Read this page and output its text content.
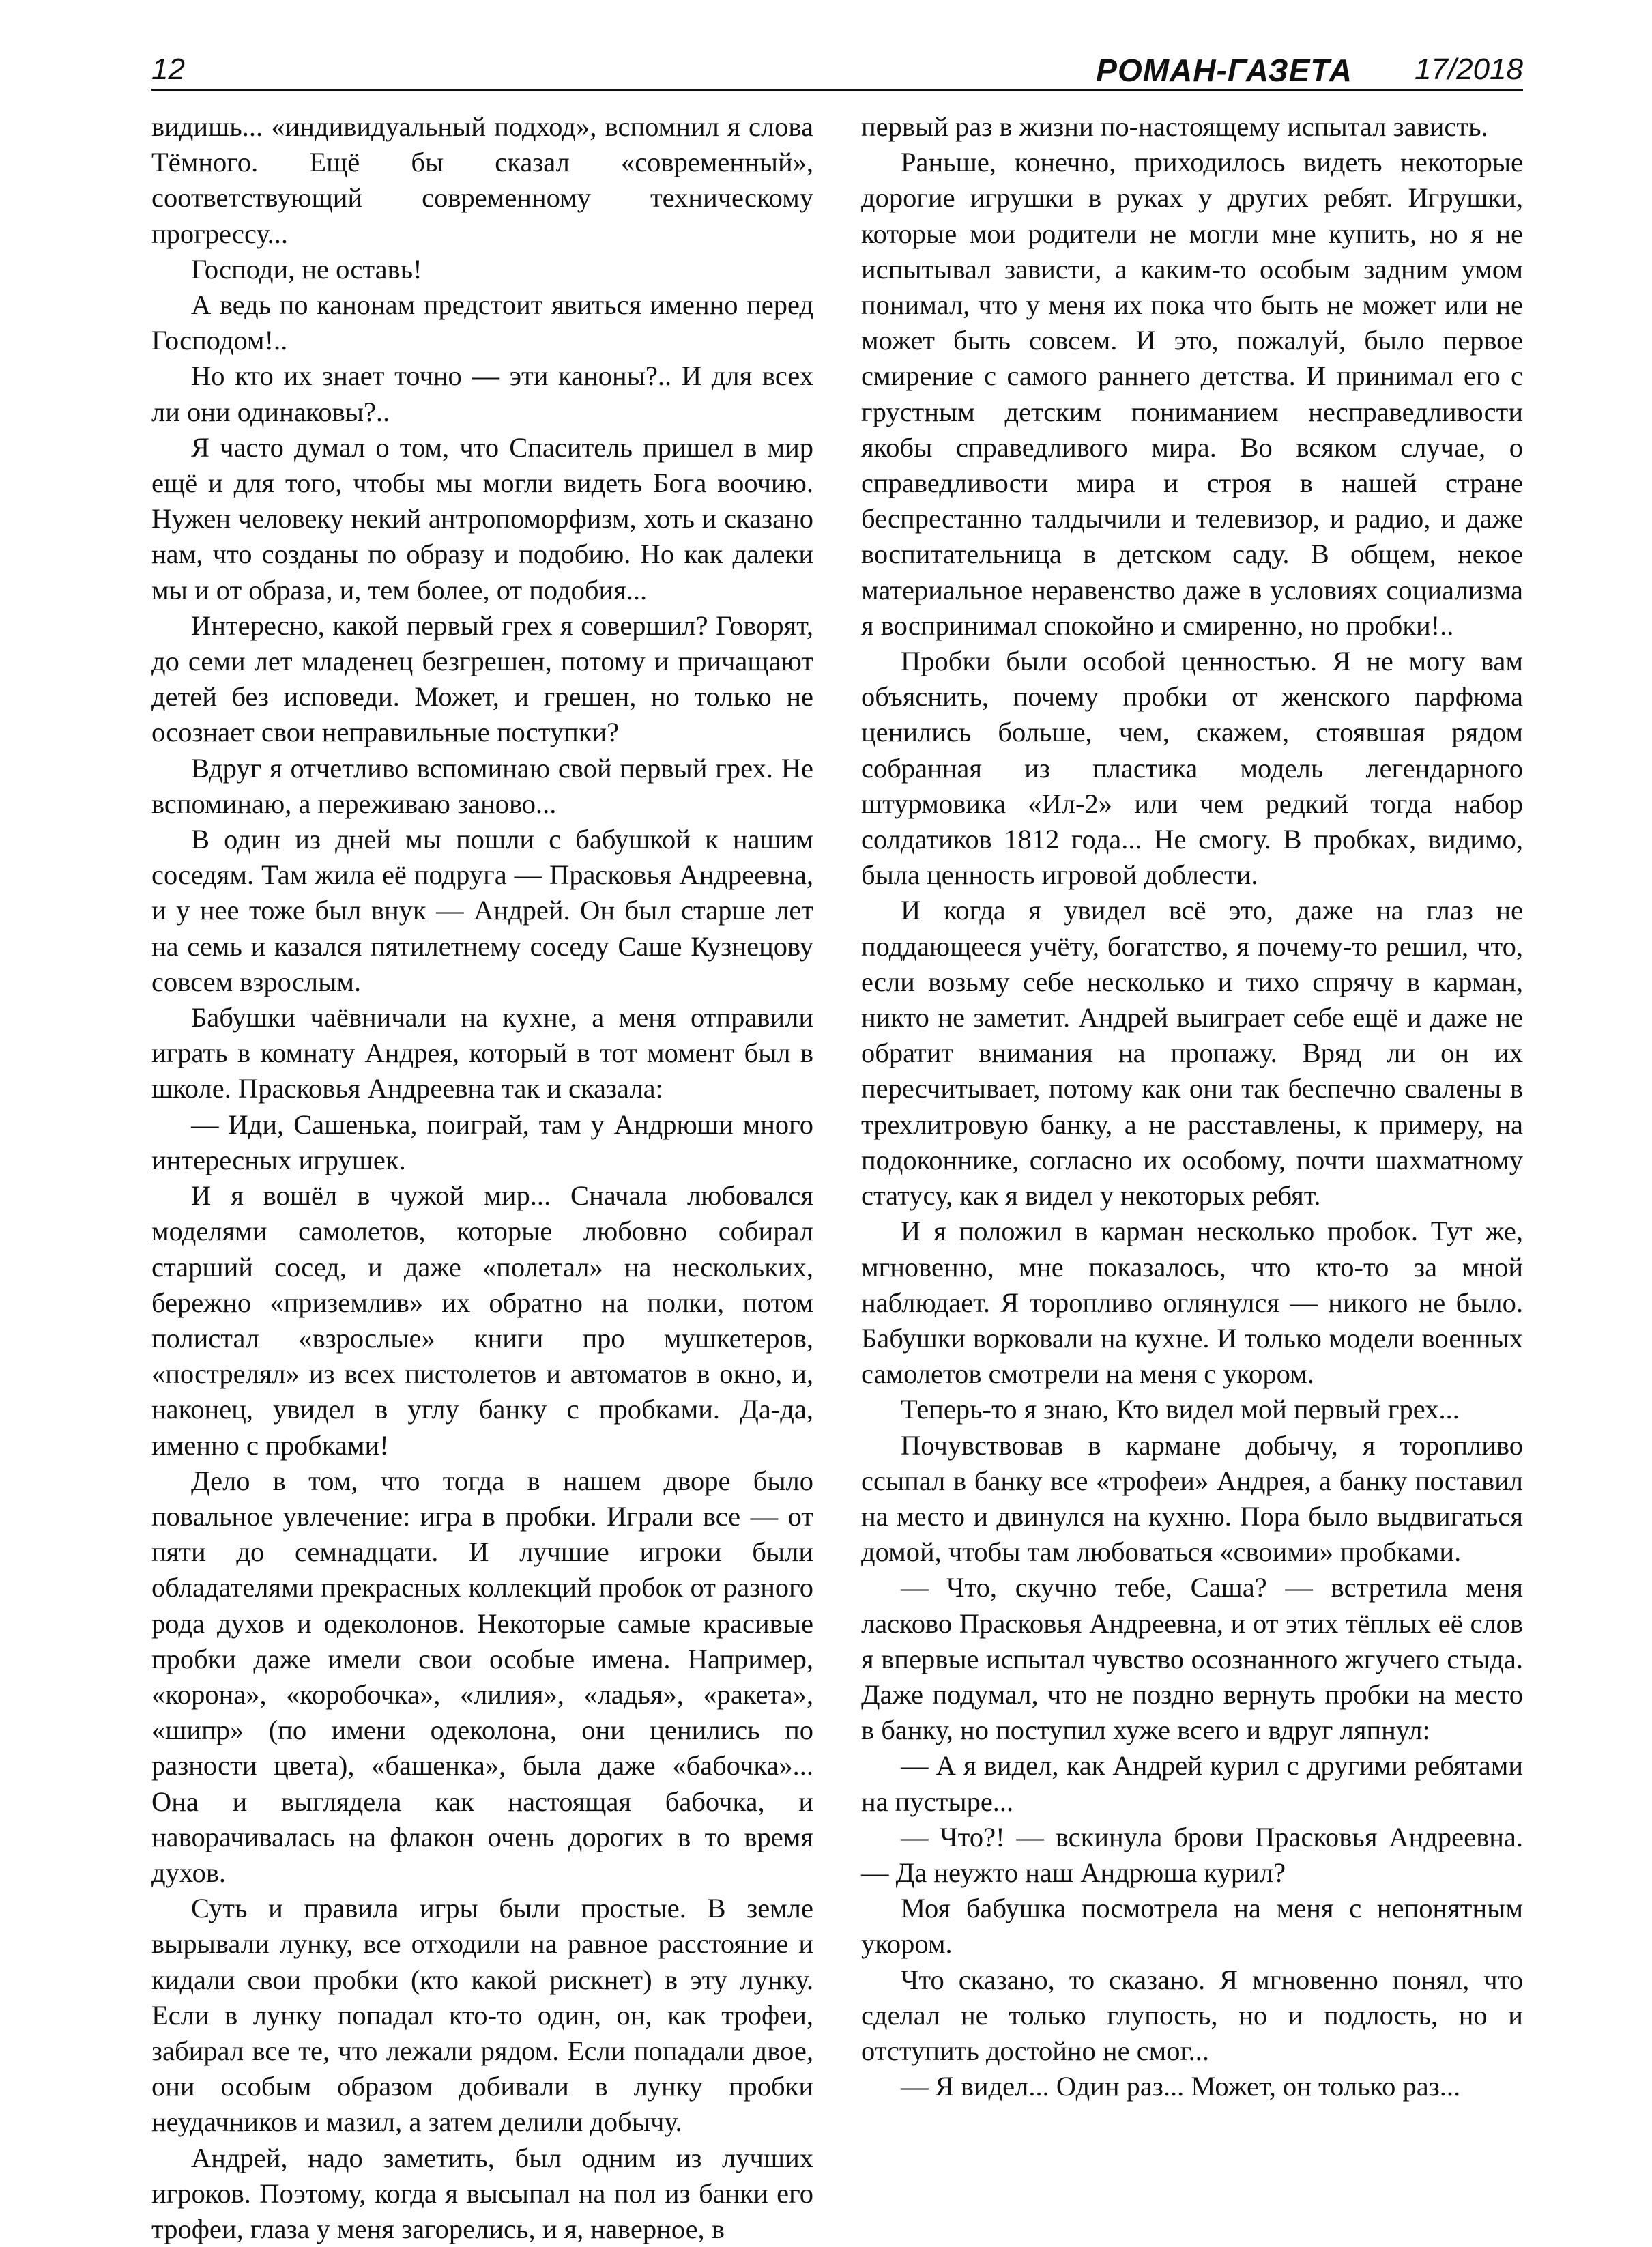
12	РОМАН-ГАЗЕТА 17/2018

видишь... «индивидуальный подход», вспомнил я слова Тёмного. Ещё бы сказал «современный», соответствующий современному техническому прогрессу...

Господи, не оставь!

А ведь по канонам предстоит явиться именно перед Господом!..

Но кто их знает точно — эти каноны?.. И для всех ли они одинаковы?..

Я часто думал о том, что Спаситель пришел в мир ещё и для того, чтобы мы могли видеть Бога воочию. Нужен человеку некий антропоморфизм, хоть и сказано нам, что созданы по образу и подобию. Но как далеки мы и от образа, и, тем более, от подобия...

Интересно, какой первый грех я совершил? Говорят, до семи лет младенец безгрешен, потому и причащают детей без исповеди. Может, и грешен, но только не осознает свои неправильные поступки?

Вдруг я отчетливо вспоминаю свой первый грех. Не вспоминаю, а переживаю заново...

В один из дней мы пошли с бабушкой к нашим соседям. Там жила её подруга — Прасковья Андреевна, и у нее тоже был внук — Андрей. Он был старше лет на семь и казался пятилетнему соседу Саше Кузнецову совсем взрослым.

Бабушки чаёвничали на кухне, а меня отправили играть в комнату Андрея, который в тот момент был в школе. Прасковья Андреевна так и сказала:

— Иди, Сашенька, поиграй, там у Андрюши много интересных игрушек.

И я вошёл в чужой мир... Сначала любовался моделями самолетов, которые любовно собирал старший сосед, и даже «полетал» на нескольких, бережно «приземлив» их обратно на полки, потом полистал «взрослые» книги про мушкетеров, «пострелял» из всех пистолетов и автоматов в окно, и, наконец, увидел в углу банку с пробками. Да-да, именно с пробками!

Дело в том, что тогда в нашем дворе было повальное увлечение: игра в пробки. Играли все — от пяти до семнадцати. И лучшие игроки были обладателями прекрасных коллекций пробок от разного рода духов и одеколонов. Некоторые самые красивые пробки даже имели свои особые имена. Например, «корона», «коробочка», «лилия», «ладья», «ракета», «шипр» (по имени одеколона, они ценились по разности цвета), «башенка», была даже «бабочка»... Она и выглядела как настоящая бабочка, и наворачивалась на флакон очень дорогих в то время духов.

Суть и правила игры были простые. В земле вырывали лунку, все отходили на равное расстояние и кидали свои пробки (кто какой рискнет) в эту лунку. Если в лунку попадал кто-то один, он, как трофеи, забирал все те, что лежали рядом. Если попадали двое, они особым образом добивали в лунку пробки неудачников и мазил, а затем делили добычу.

Андрей, надо заметить, был одним из лучших игроков. Поэтому, когда я высыпал на пол из банки его трофеи, глаза у меня загорелись, и я, наверное, в

первый раз в жизни по-настоящему испытал зависть.

Раньше, конечно, приходилось видеть некоторые дорогие игрушки в руках у других ребят. Игрушки, которые мои родители не могли мне купить, но я не испытывал зависти, а каким-то особым задним умом понимал, что у меня их пока что быть не может или не может быть совсем. И это, пожалуй, было первое смирение с самого раннего детства. И принимал его с грустным детским пониманием несправедливости якобы справедливого мира. Во всяком случае, о справедливости мира и строя в нашей стране беспрестанно талдычили и телевизор, и радио, и даже воспитательница в детском саду. В общем, некое материальное неравенство даже в условиях социализма я воспринимал спокойно и смиренно, но пробки!..

Пробки были особой ценностью. Я не могу вам объяснить, почему пробки от женского парфюма ценились больше, чем, скажем, стоявшая рядом собранная из пластика модель легендарного штурмовика «Ил-2» или чем редкий тогда набор солдатиков 1812 года... Не смогу. В пробках, видимо, была ценность игровой доблести.

И когда я увидел всё это, даже на глаз не поддающееся учёту, богатство, я почему-то решил, что, если возьму себе несколько и тихо спрячу в карман, никто не заметит. Андрей выиграет себе ещё и даже не обратит внимания на пропажу. Вряд ли он их пересчитывает, потому как они так беспечно свалены в трехлитровую банку, а не расставлены, к примеру, на подоконнике, согласно их особому, почти шахматному статусу, как я видел у некоторых ребят.

И я положил в карман несколько пробок. Тут же, мгновенно, мне показалось, что кто-то за мной наблюдает. Я торопливо оглянулся — никого не было. Бабушки ворковали на кухне. И только модели военных самолетов смотрели на меня с укором.

Теперь-то я знаю, Кто видел мой первый грех...

Почувствовав в кармане добычу, я торопливо ссыпал в банку все «трофеи» Андрея, а банку поставил на место и двинулся на кухню. Пора было выдвигаться домой, чтобы там любоваться «своими» пробками.

— Что, скучно тебе, Саша? — встретила меня ласково Прасковья Андреевна, и от этих тёплых её слов я впервые испытал чувство осознанного жгучего стыда. Даже подумал, что не поздно вернуть пробки на место в банку, но поступил хуже всего и вдруг ляпнул:

— А я видел, как Андрей курил с другими ребятами на пустыре...

— Что?! — вскинула брови Прасковья Андреевна. — Да неужто наш Андрюша курил?

Моя бабушка посмотрела на меня с непонятным укором.

Что сказано, то сказано. Я мгновенно понял, что сделал не только глупость, но и подлость, но и отступить достойно не смог...

— Я видел... Один раз... Может, он только раз...
